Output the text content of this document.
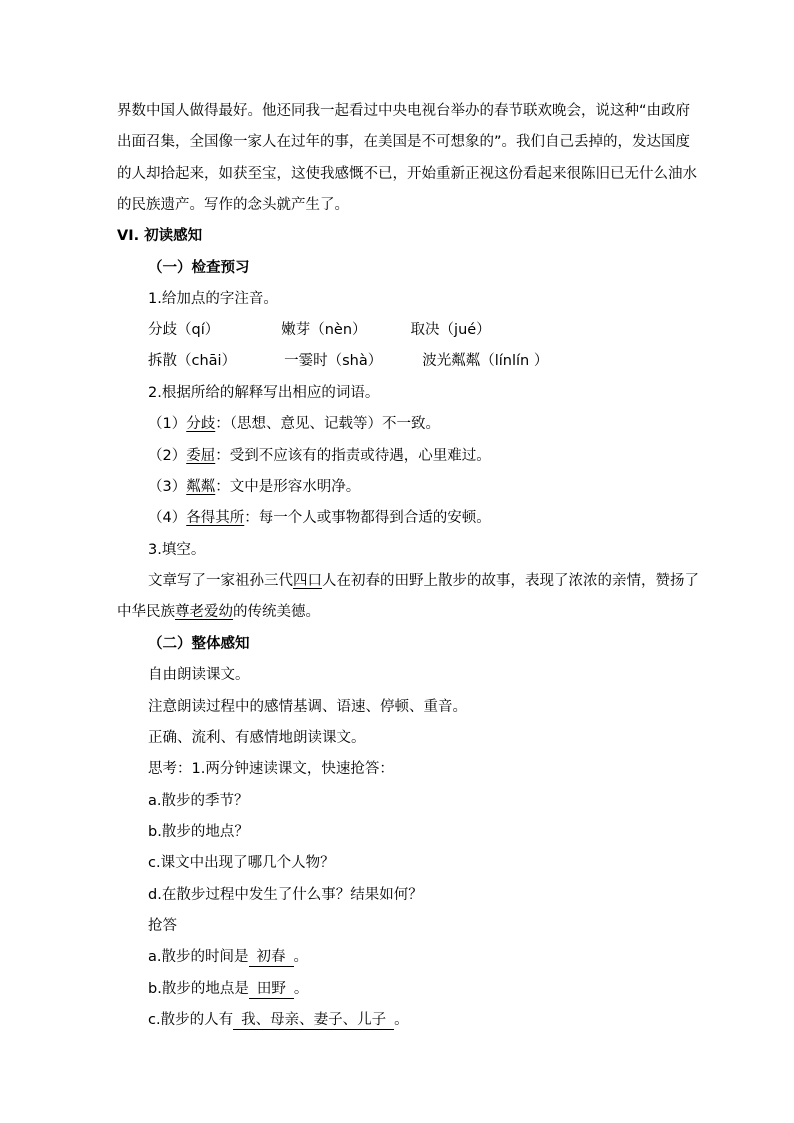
界数中国人做得最好。他还同我一起看过中央电视台举办的春节联欢晚会，说这种“由政府
出面召集，全国像一家人在过年的事，在美国是不可想象的”。我们自己丢掉的，发达国度
的人却拾起来，如获至宝，这使我感慨不已，开始重新正视这份看起来很陈旧已无什么油水
的民族遗产。写作的念头就产生了。
VI. 初读感知
（一）检查预习
1.给加点的字注音。
分歧（qí）	嫩芽（nèn）	取决（jué）
拆散（chāi）	一霎时（shà）	波光粼粼（línlín ）
2.根据所给的解释写出相应的词语。
（1）分歧：（思想、意见、记载等）不一致。
（2）委屈：受到不应该有的指责或待遇，心里难过。
（3）粼粼：文中是形容水明净。
（4）各得其所：每一个人或事物都得到合适的安顿。
3.填空。
文章写了一家祖孙三代四口人在初春的田野上散步的故事，表现了浓浓的亲情，赞扬了
中华民族尊老爱幼的传统美德。
（二）整体感知
自由朗读课文。
注意朗读过程中的感情基调、语速、停顿、重音。
正确、流利、有感情地朗读课文。
思考：1.两分钟速读课文，快速抢答：
a.散步的季节？
b.散步的地点？
c.课文中出现了哪几个人物？
d.在散步过程中发生了什么事？结果如何？
抢答
a.散步的时间是 初春 。
b.散步的地点是 田野 。
c.散步的人有 我、母亲、妻子、儿子 。
